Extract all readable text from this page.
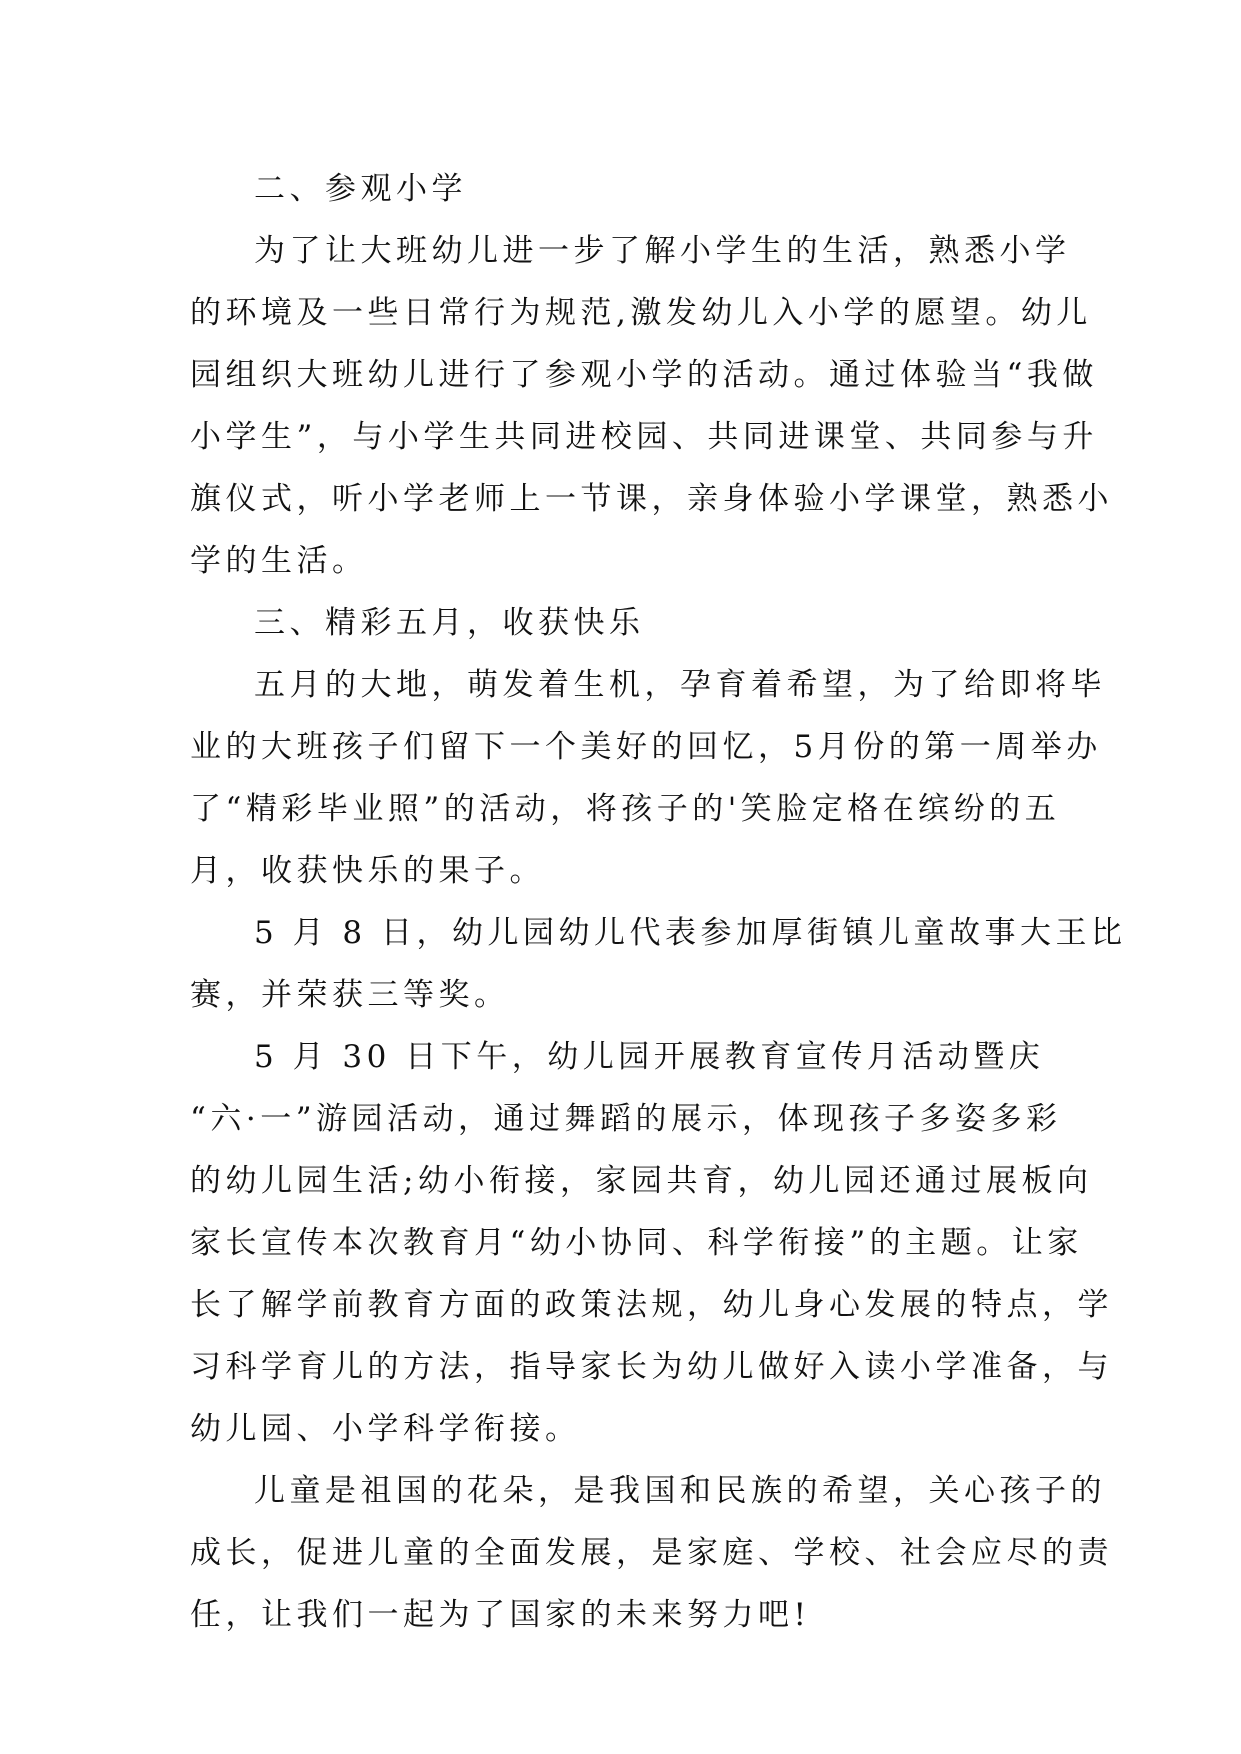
二、参观小学
为了让大班幼儿进一步了解小学生的生活，熟悉小学
的环境及一些日常行为规范,激发幼儿入小学的愿望。幼儿
园组织大班幼儿进行了参观小学的活动。通过体验当“我做
小学生”，与小学生共同进校园、共同进课堂、共同参与升
旗仪式，听小学老师上一节课，亲身体验小学课堂，熟悉小
学的生活。
三、精彩五月，收获快乐
五月的大地，萌发着生机，孕育着希望，为了给即将毕
业的大班孩子们留下一个美好的回忆，5月份的第一周举办
了“精彩毕业照”的活动，将孩子的'笑脸定格在缤纷的五
月，收获快乐的果子。
5 月 8 日，幼儿园幼儿代表参加厚街镇儿童故事大王比
赛，并荣获三等奖。
5 月 30 日下午，幼儿园开展教育宣传月活动暨庆
“六·一”游园活动，通过舞蹈的展示，体现孩子多姿多彩
的幼儿园生活;幼小衔接，家园共育，幼儿园还通过展板向
家长宣传本次教育月“幼小协同、科学衔接”的主题。让家
长了解学前教育方面的政策法规，幼儿身心发展的特点，学
习科学育儿的方法，指导家长为幼儿做好入读小学准备，与
幼儿园、小学科学衔接。
儿童是祖国的花朵，是我国和民族的希望，关心孩子的
成长，促进儿童的全面发展，是家庭、学校、社会应尽的责
任，让我们一起为了国家的未来努力吧!
